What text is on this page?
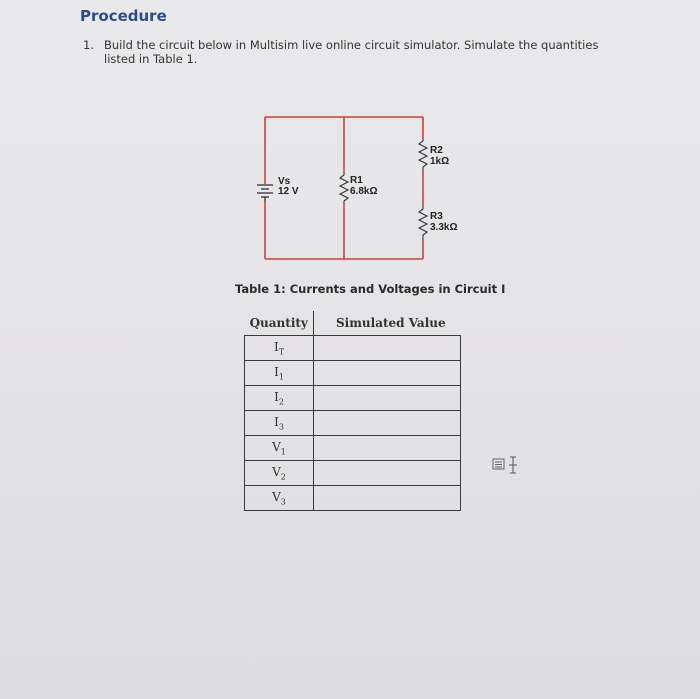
Procedure
1. Build the circuit below in Multisim live online circuit simulator. Simulate the quantities
listed in Table 1.
Vs
12 V
R1
6.8kΩ
R2
1kΩ
R3
3.3kΩ
Table 1: Currents and Voltages in Circuit I
Quantity	Simulated Value
$I_T$	
$I_1$	
$I_2$	
$I_3$	
$V_1$	
$V_2$	
$V_3$	
